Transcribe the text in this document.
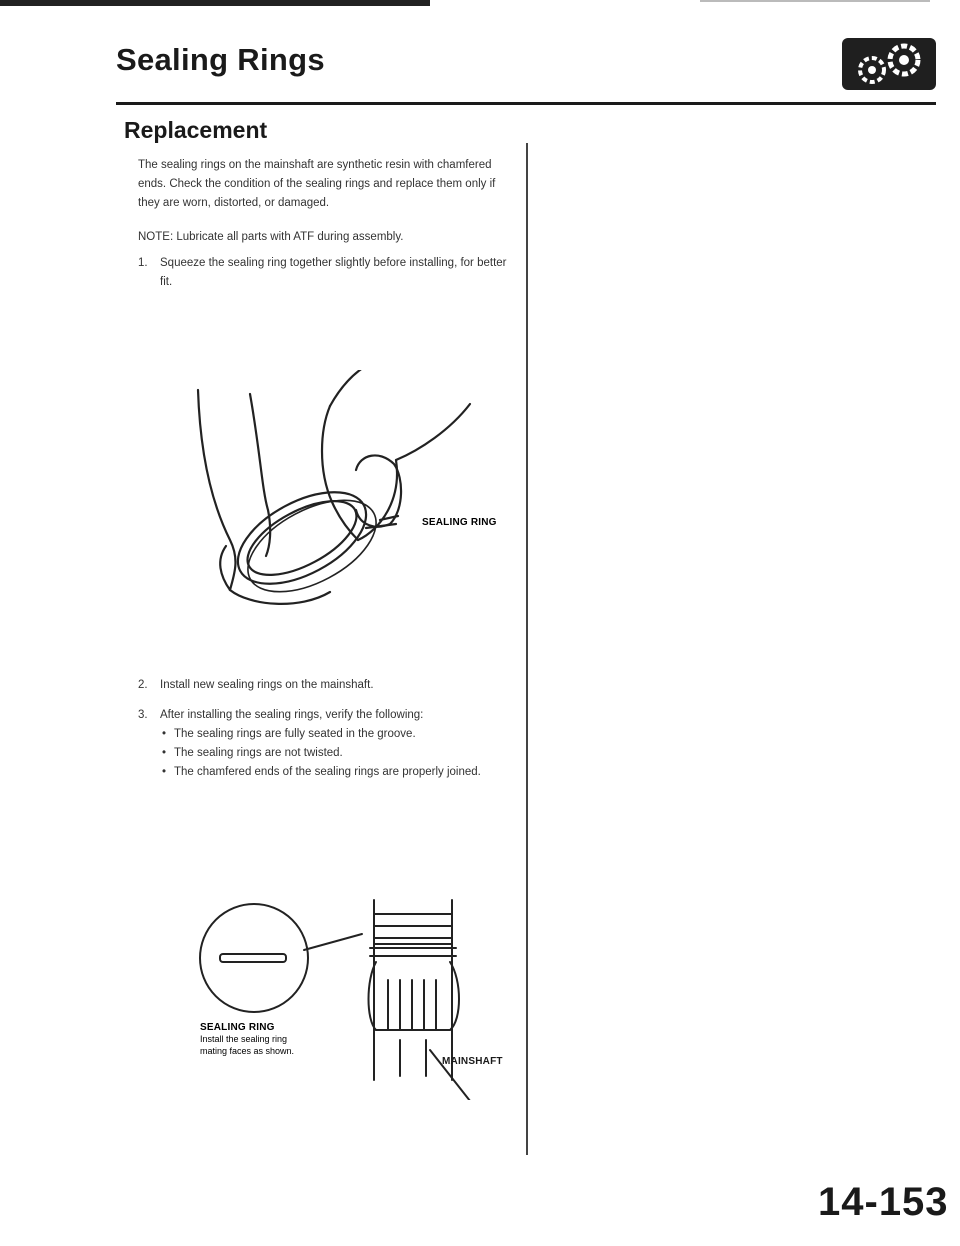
Sealing Rings
Replacement

The sealing rings on the mainshaft are synthetic resin with chamfered ends. Check the condition of the sealing rings and replace them only if they are worn, distorted, or damaged.

NOTE: Lubricate all parts with ATF during assembly.

1. Squeeze the sealing ring together slightly before installing, for better fit.
SEALING RING
2. Install new sealing rings on the mainshaft.
3. After installing the sealing rings, verify the following:
• The sealing rings are fully seated in the groove.
• The sealing rings are not twisted.
• The chamfered ends of the sealing rings are properly joined.
SEALING RING
Install the sealing ring
mating faces as shown.
MAINSHAFT
14-153
